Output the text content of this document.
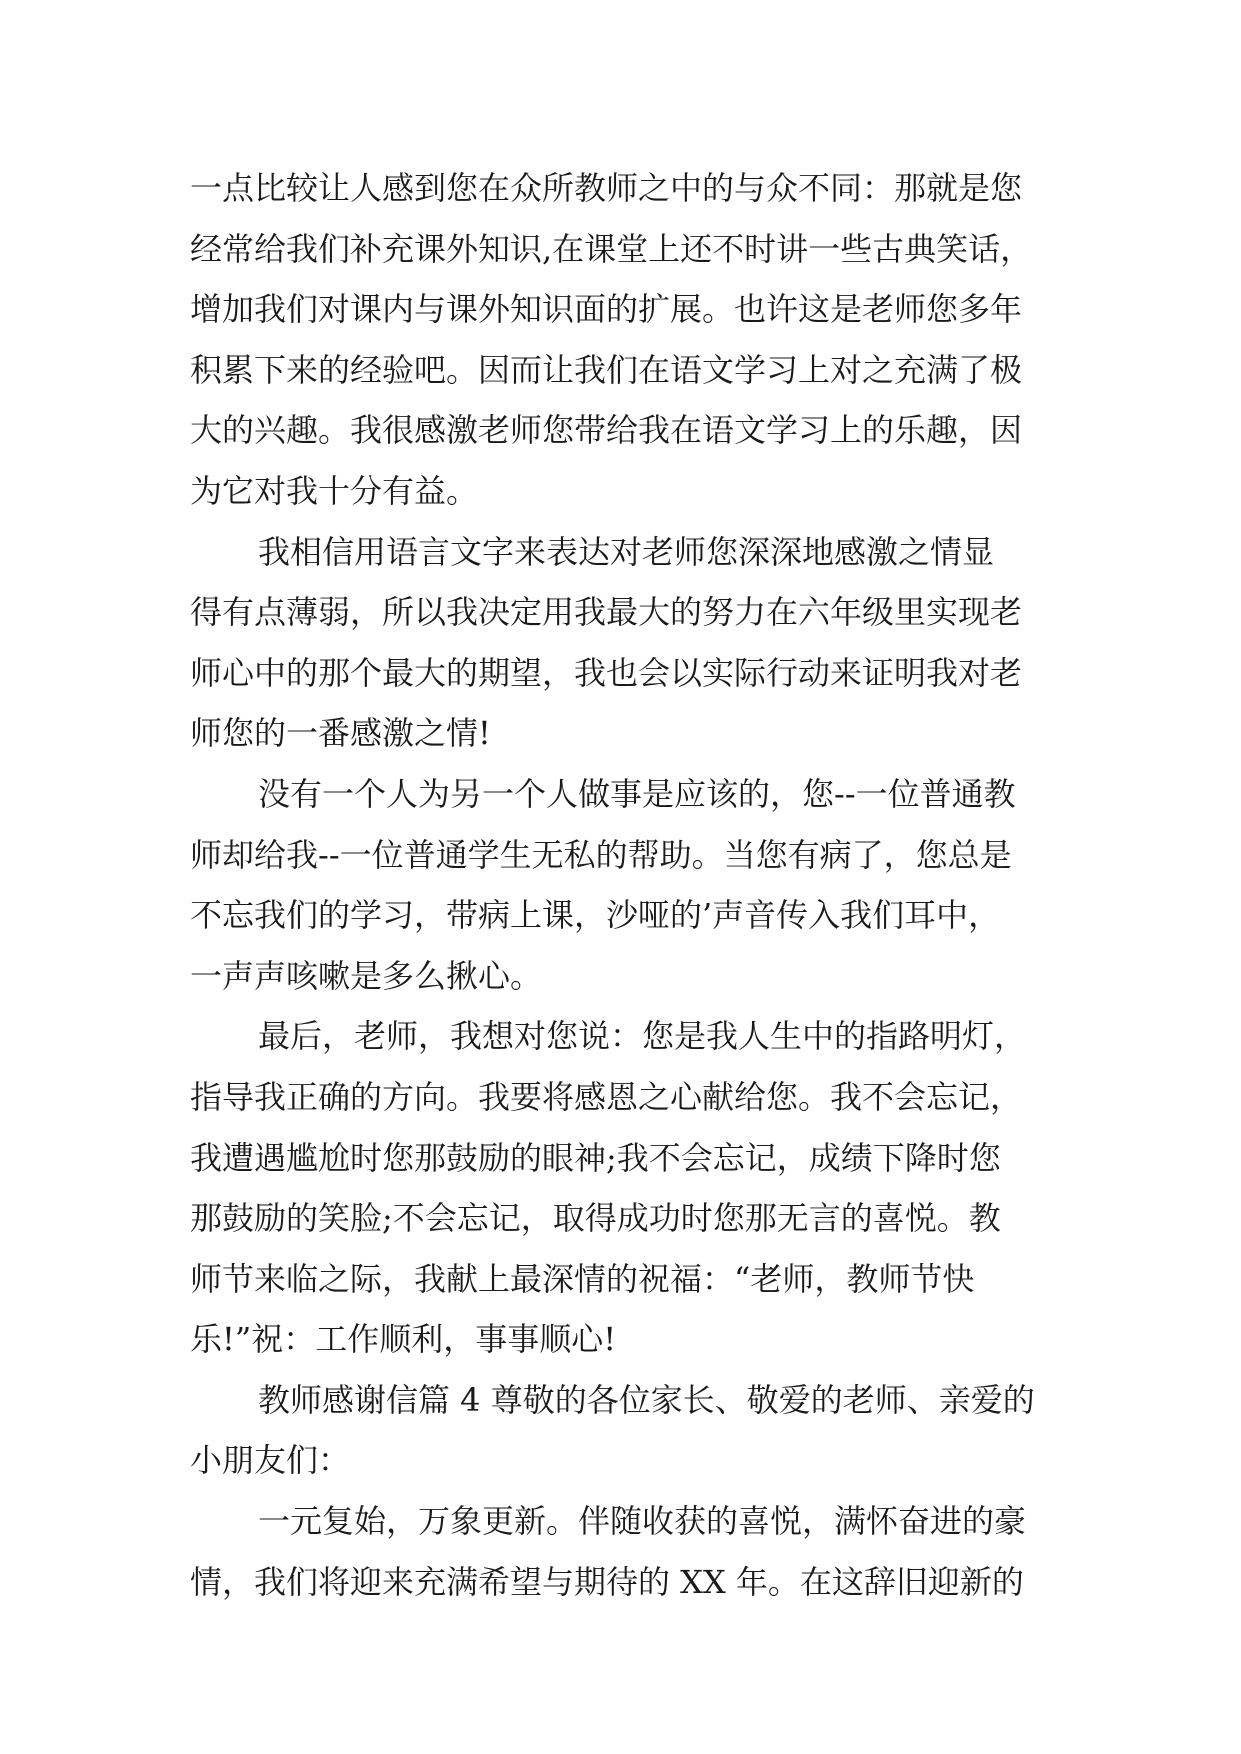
一点比较让人感到您在众所教师之中的与众不同：那就是您
经常给我们补充课外知识,在课堂上还不时讲一些古典笑话，
增加我们对课内与课外知识面的扩展。也许这是老师您多年
积累下来的经验吧。因而让我们在语文学习上对之充满了极
大的兴趣。我很感激老师您带给我在语文学习上的乐趣，因
为它对我十分有益。
我相信用语言文字来表达对老师您深深地感激之情显
得有点薄弱，所以我决定用我最大的努力在六年级里实现老
师心中的那个最大的期望，我也会以实际行动来证明我对老
师您的一番感激之情!
没有一个人为另一个人做事是应该的，您--一位普通教
师却给我--一位普通学生无私的帮助。当您有病了，您总是
不忘我们的学习，带病上课，沙哑的’声音传入我们耳中，
一声声咳嗽是多么揪心。
最后，老师，我想对您说：您是我人生中的指路明灯，
指导我正确的方向。我要将感恩之心献给您。我不会忘记，
我遭遇尴尬时您那鼓励的眼神;我不会忘记，成绩下降时您
那鼓励的笑脸;不会忘记，取得成功时您那无言的喜悦。教
师节来临之际，我献上最深情的祝福：“老师，教师节快
乐!”祝：工作顺利，事事顺心!
教师感谢信篇 4 尊敬的各位家长、敬爱的老师、亲爱的
小朋友们：
一元复始，万象更新。伴随收获的喜悦，满怀奋进的豪
情，我们将迎来充满希望与期待的 XX 年。在这辞旧迎新的
